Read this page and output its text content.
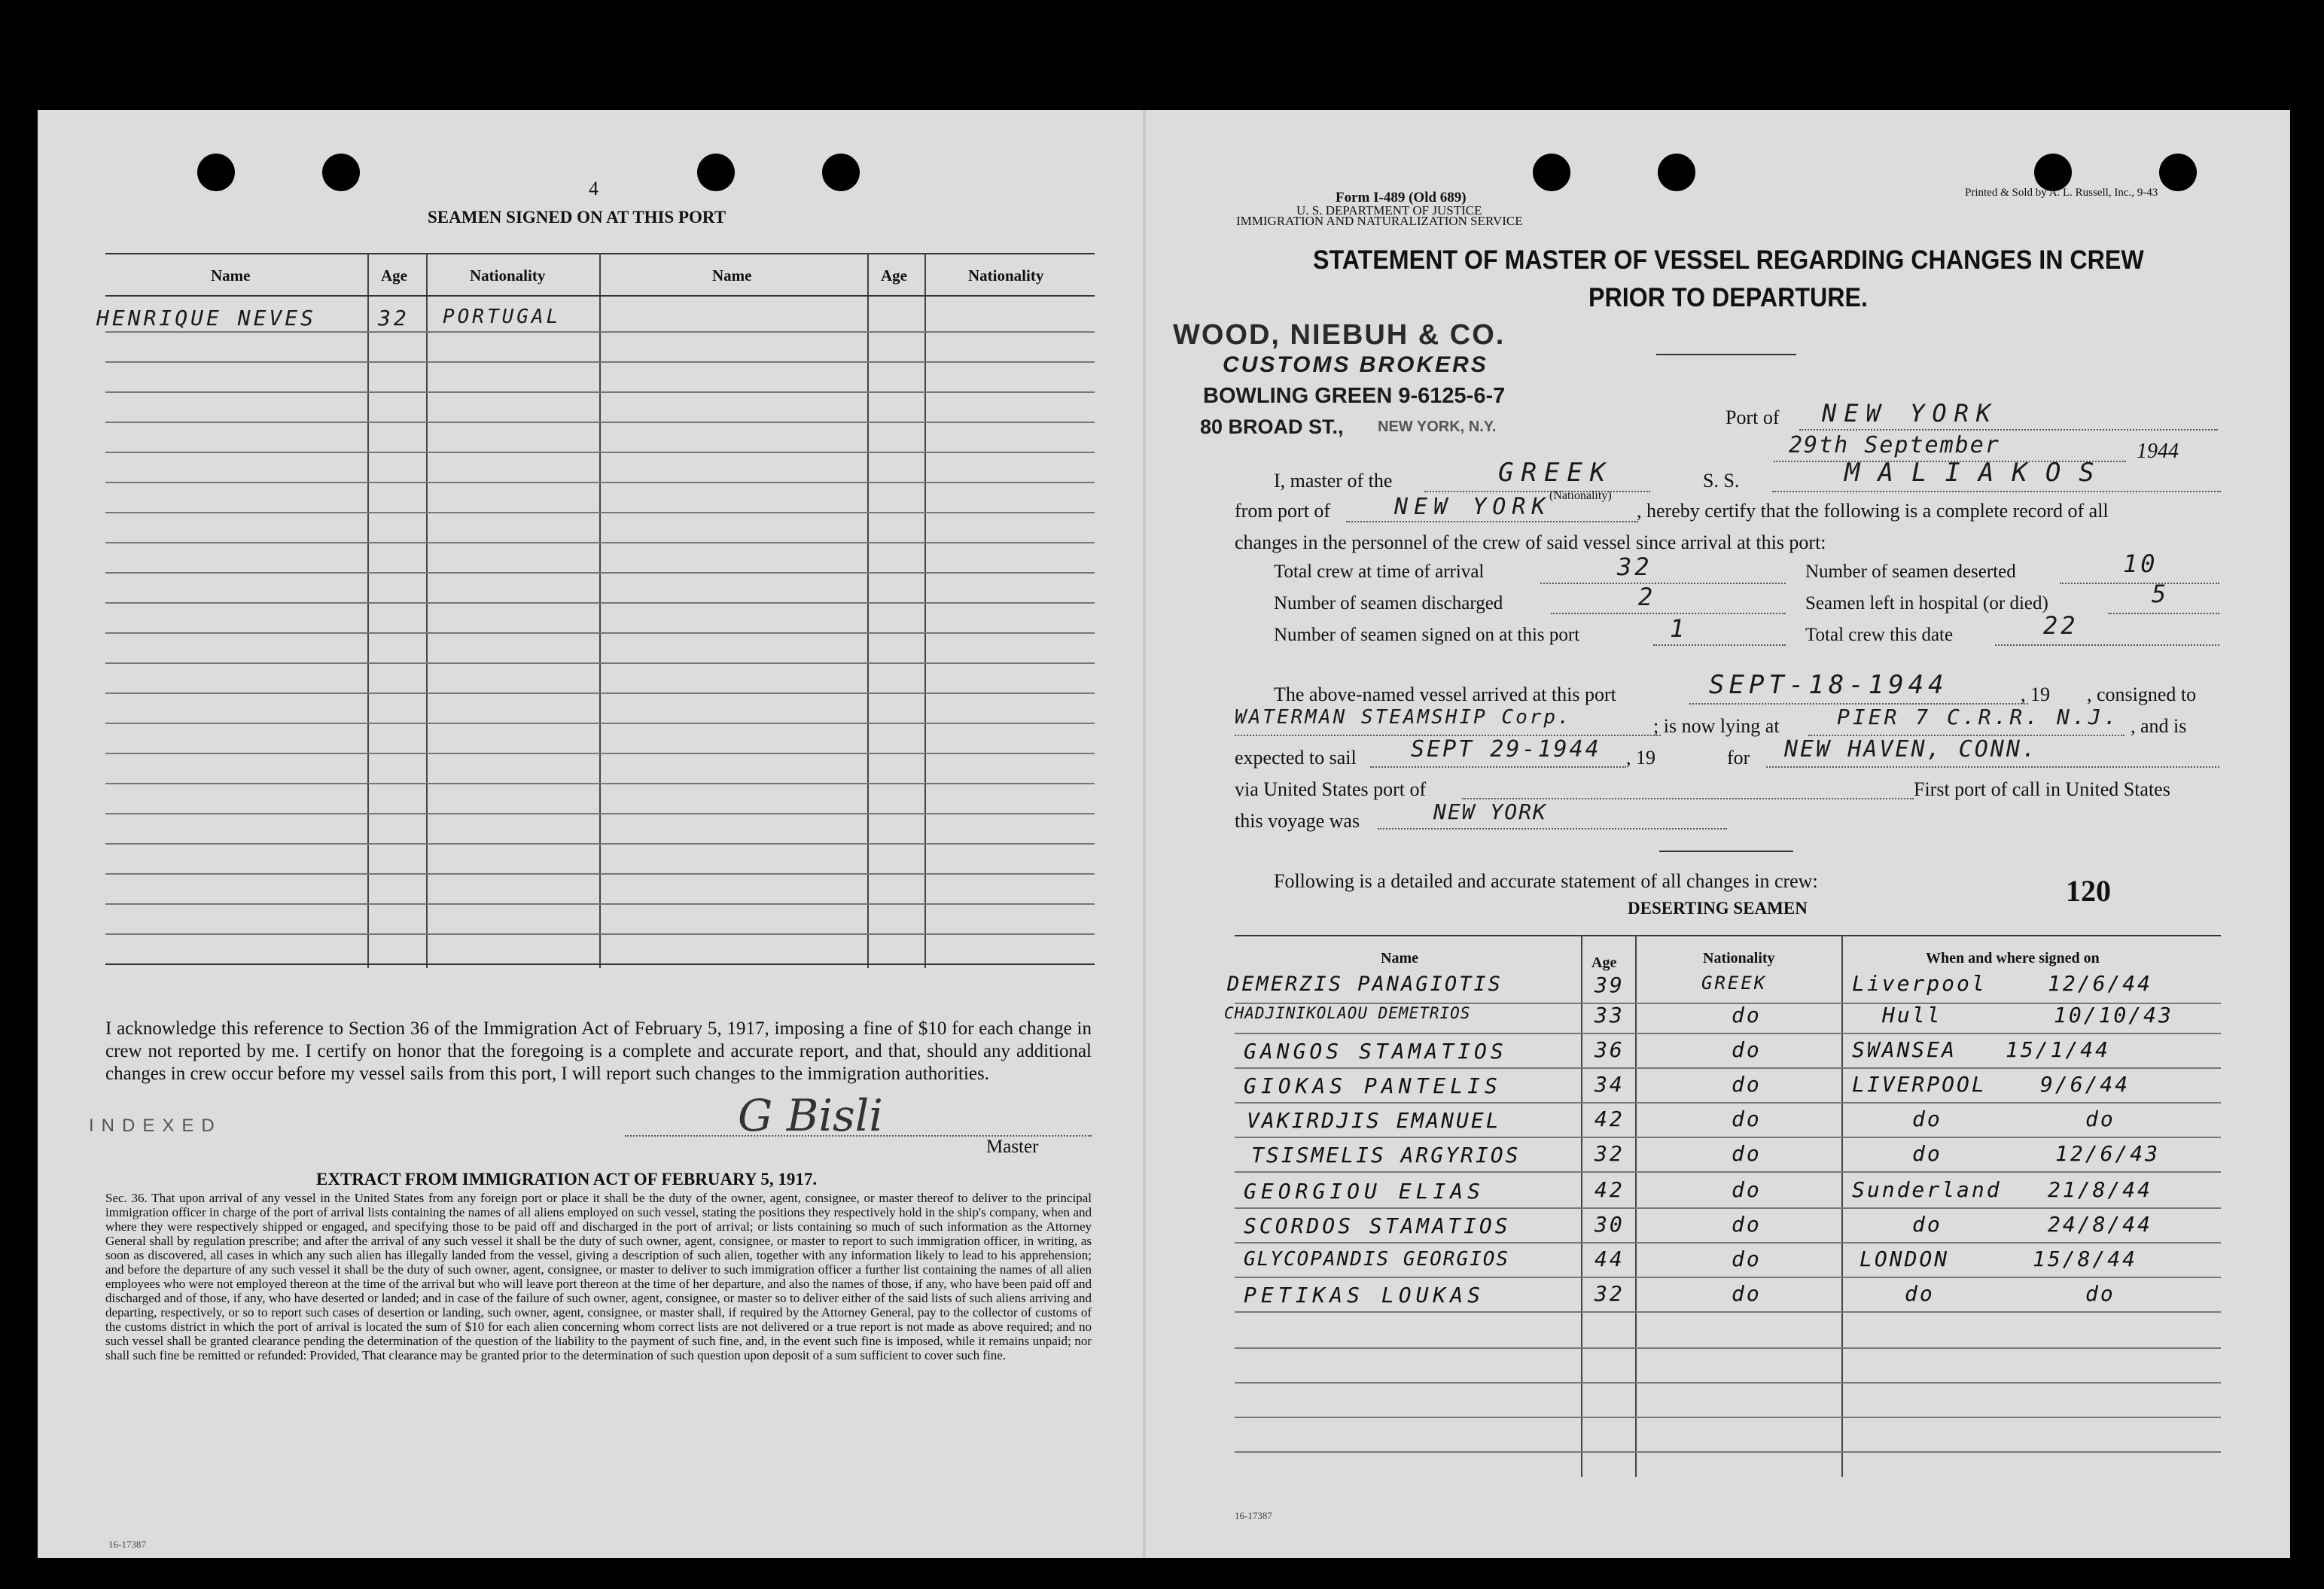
4
SEAMEN SIGNED ON AT THIS PORT
Name	Age	Nationality	Name	Age	Nationality
HENRIQUE NEVES	32 PORTUGAL
I acknowledge this reference to Section 36 of the Immigration Act of February 5, 1917, imposing a fine of $10 for each change in crew not reported by me. I certify on honor that the foregoing is a complete and accurate report, and that, should any additional changes in crew occur before my vessel sails from this port, I will report such changes to the immigration authorities.
INDEXED	G Bisli
Master
EXTRACT FROM IMMIGRATION ACT OF FEBRUARY 5, 1917.
Sec. 36. That upon arrival of any vessel in the United States from any foreign port or place it shall be the duty of the owner, agent, consignee, or master thereof to deliver to the principal immigration officer in charge of the port of arrival lists containing the names of all aliens employed on such vessel, stating the positions they respectively hold in the ship's company, when and where they were respectively shipped or engaged, and specifying those to be paid off and discharged in the port of arrival; or lists containing so much of such information as the Attorney General shall by regulation prescribe; and after the arrival of any such vessel it shall be the duty of such owner, agent, consignee, or master to report to such immigration officer, in writing, as soon as discovered, all cases in which any such alien has illegally landed from the vessel, giving a description of such alien, together with any information likely to lead to his apprehension; and before the departure of any such vessel it shall be the duty of such owner, agent, consignee, or master to deliver to such immigration officer a further list containing the names of all alien employees who were not employed thereon at the time of the arrival but who will leave port thereon at the time of her departure, and also the names of those, if any, who have been paid off and discharged and of those, if any, who have deserted or landed; and in case of the failure of such owner, agent, consignee, or master so to deliver either of the said lists of such aliens arriving and departing, respectively, or so to report such cases of desertion or landing, such owner, agent, consignee, or master shall, if required by the Attorney General, pay to the collector of customs of the customs district in which the port of arrival is located the sum of $10 for each alien concerning whom correct lists are not delivered or a true report is not made as above required; and no such vessel shall be granted clearance pending the determination of the question of the liability to the payment of such fine, and, in the event such fine is imposed, while it remains unpaid; nor shall such fine be remitted or refunded: Provided, That clearance may be granted prior to the determination of such question upon deposit of a sum sufficient to cover such fine.
16-17387
Form I-489 (Old 689)
U. S. DEPARTMENT OF JUSTICE
IMMIGRATION AND NATURALIZATION SERVICE
Printed & Sold by A. L. Russell, Inc., 9-43
STATEMENT OF MASTER OF VESSEL REGARDING CHANGES IN CREW
PRIOR TO DEPARTURE.
WOOD, NIEBUH & CO.
CUSTOMS BROKERS
BOWLING GREEN 9-6125-6-7
80 BROAD ST., NEW YORK, N.Y.	Port of NEW YORK
29th September	1944
I, master of the	GREEK
(Nationality)
S. S.	MALIAKOS
from port of	NEW YORK	, hereby certify that the following is a complete record of all
changes in the personnel of the crew of said vessel since arrival at this port:
Total crew at time of arrival	32
Number of seamen discharged	2
Number of seamen signed on at this port	1
Number of seamen deserted	10
Seamen left in hospital (or died)	5
Total crew this date	22
The above-named vessel arrived at this port	SEPT-18-1944	, 19 , consigned to
WATERMAN STEAMSHIP Corp.	; is now lying at	PIER 7 C.R.R. N.J. , and is
expected to sail SEPT 29-1944 , 19	for NEW HAVEN, CONN.
via United States port of	First port of call in United States
this voyage was	NEW YORK
Following is a detailed and accurate statement of all changes in crew:	120
DESERTING SEAMEN
Name	Age	Nationality	When and where signed on
DEMERZIS PANAGIOTIS	39	GREEK	Liverpool	12/6/44
CHADJINIKOLAOU DEMETRIOS	33	do	Hull	10/10/43
GANGOS STAMATIOS	36	do	SWANSEA 15/1/44
GIOKAS PANTELIS	34	do	LIVERPOOL	9/6/44
VAKIRDJIS EMANUEL	42	do	do	do
TSISMELIS ARGYRIOS	32	do	do	12/6/43
GEORGIOU ELIAS	42	do	Sunderland 21/8/44
SCORDOS STAMATIOS	30	do	do	24/8/44
GLYCOPANDIS GEORGIOS	44	do	LONDON	15/8/44
PETIKAS LOUKAS	32	do	do	do
16-17387
